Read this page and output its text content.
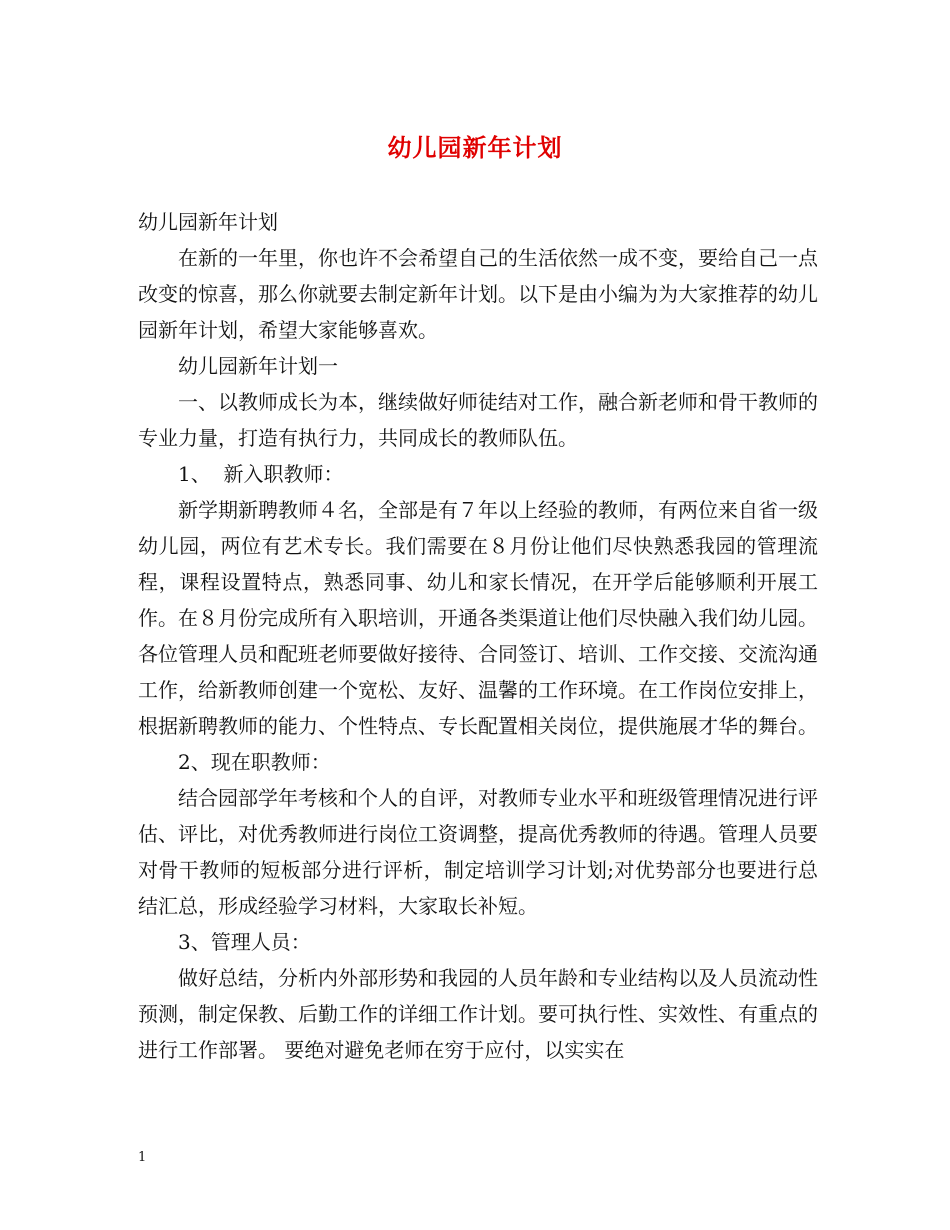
幼儿园新年计划
幼儿园新年计划

在新的一年里，你也许不会希望自己的生活依然一成不变，要给自己一点改变的惊喜，那么你就要去制定新年计划。以下是由小编为为大家推荐的幼儿园新年计划，希望大家能够喜欢。

幼儿园新年计划一

一、以教师成长为本，继续做好师徒结对工作，融合新老师和骨干教师的专业力量，打造有执行力，共同成长的教师队伍。

1、  新入职教师：

新学期新聘教师４名，全部是有７年以上经验的教师，有两位来自省一级幼儿园，两位有艺术专长。我们需要在８月份让他们尽快熟悉我园的管理流程，课程设置特点，熟悉同事、幼儿和家长情况，在开学后能够顺利开展工作。在８月份完成所有入职培训，开通各类渠道让他们尽快融入我们幼儿园。各位管理人员和配班老师要做好接待、合同签订、培训、工作交接、交流沟通工作，给新教师创建一个宽松、友好、温馨的工作环境。在工作岗位安排上，根据新聘教师的能力、个性特点、专长配置相关岗位，提供施展才华的舞台。

2、现在职教师：

结合园部学年考核和个人的自评，对教师专业水平和班级管理情况进行评估、评比，对优秀教师进行岗位工资调整，提高优秀教师的待遇。管理人员要对骨干教师的短板部分进行评析，制定培训学习计划;对优势部分也要进行总结汇总，形成经验学习材料，大家取长补短。

3、管理人员：

做好总结，分析内外部形势和我园的人员年龄和专业结构以及人员流动性预测，制定保教、后勤工作的详细工作计划。要可执行性、实效性、有重点的进行工作部署。 要绝对避免老师在穷于应付，以实实在

1
